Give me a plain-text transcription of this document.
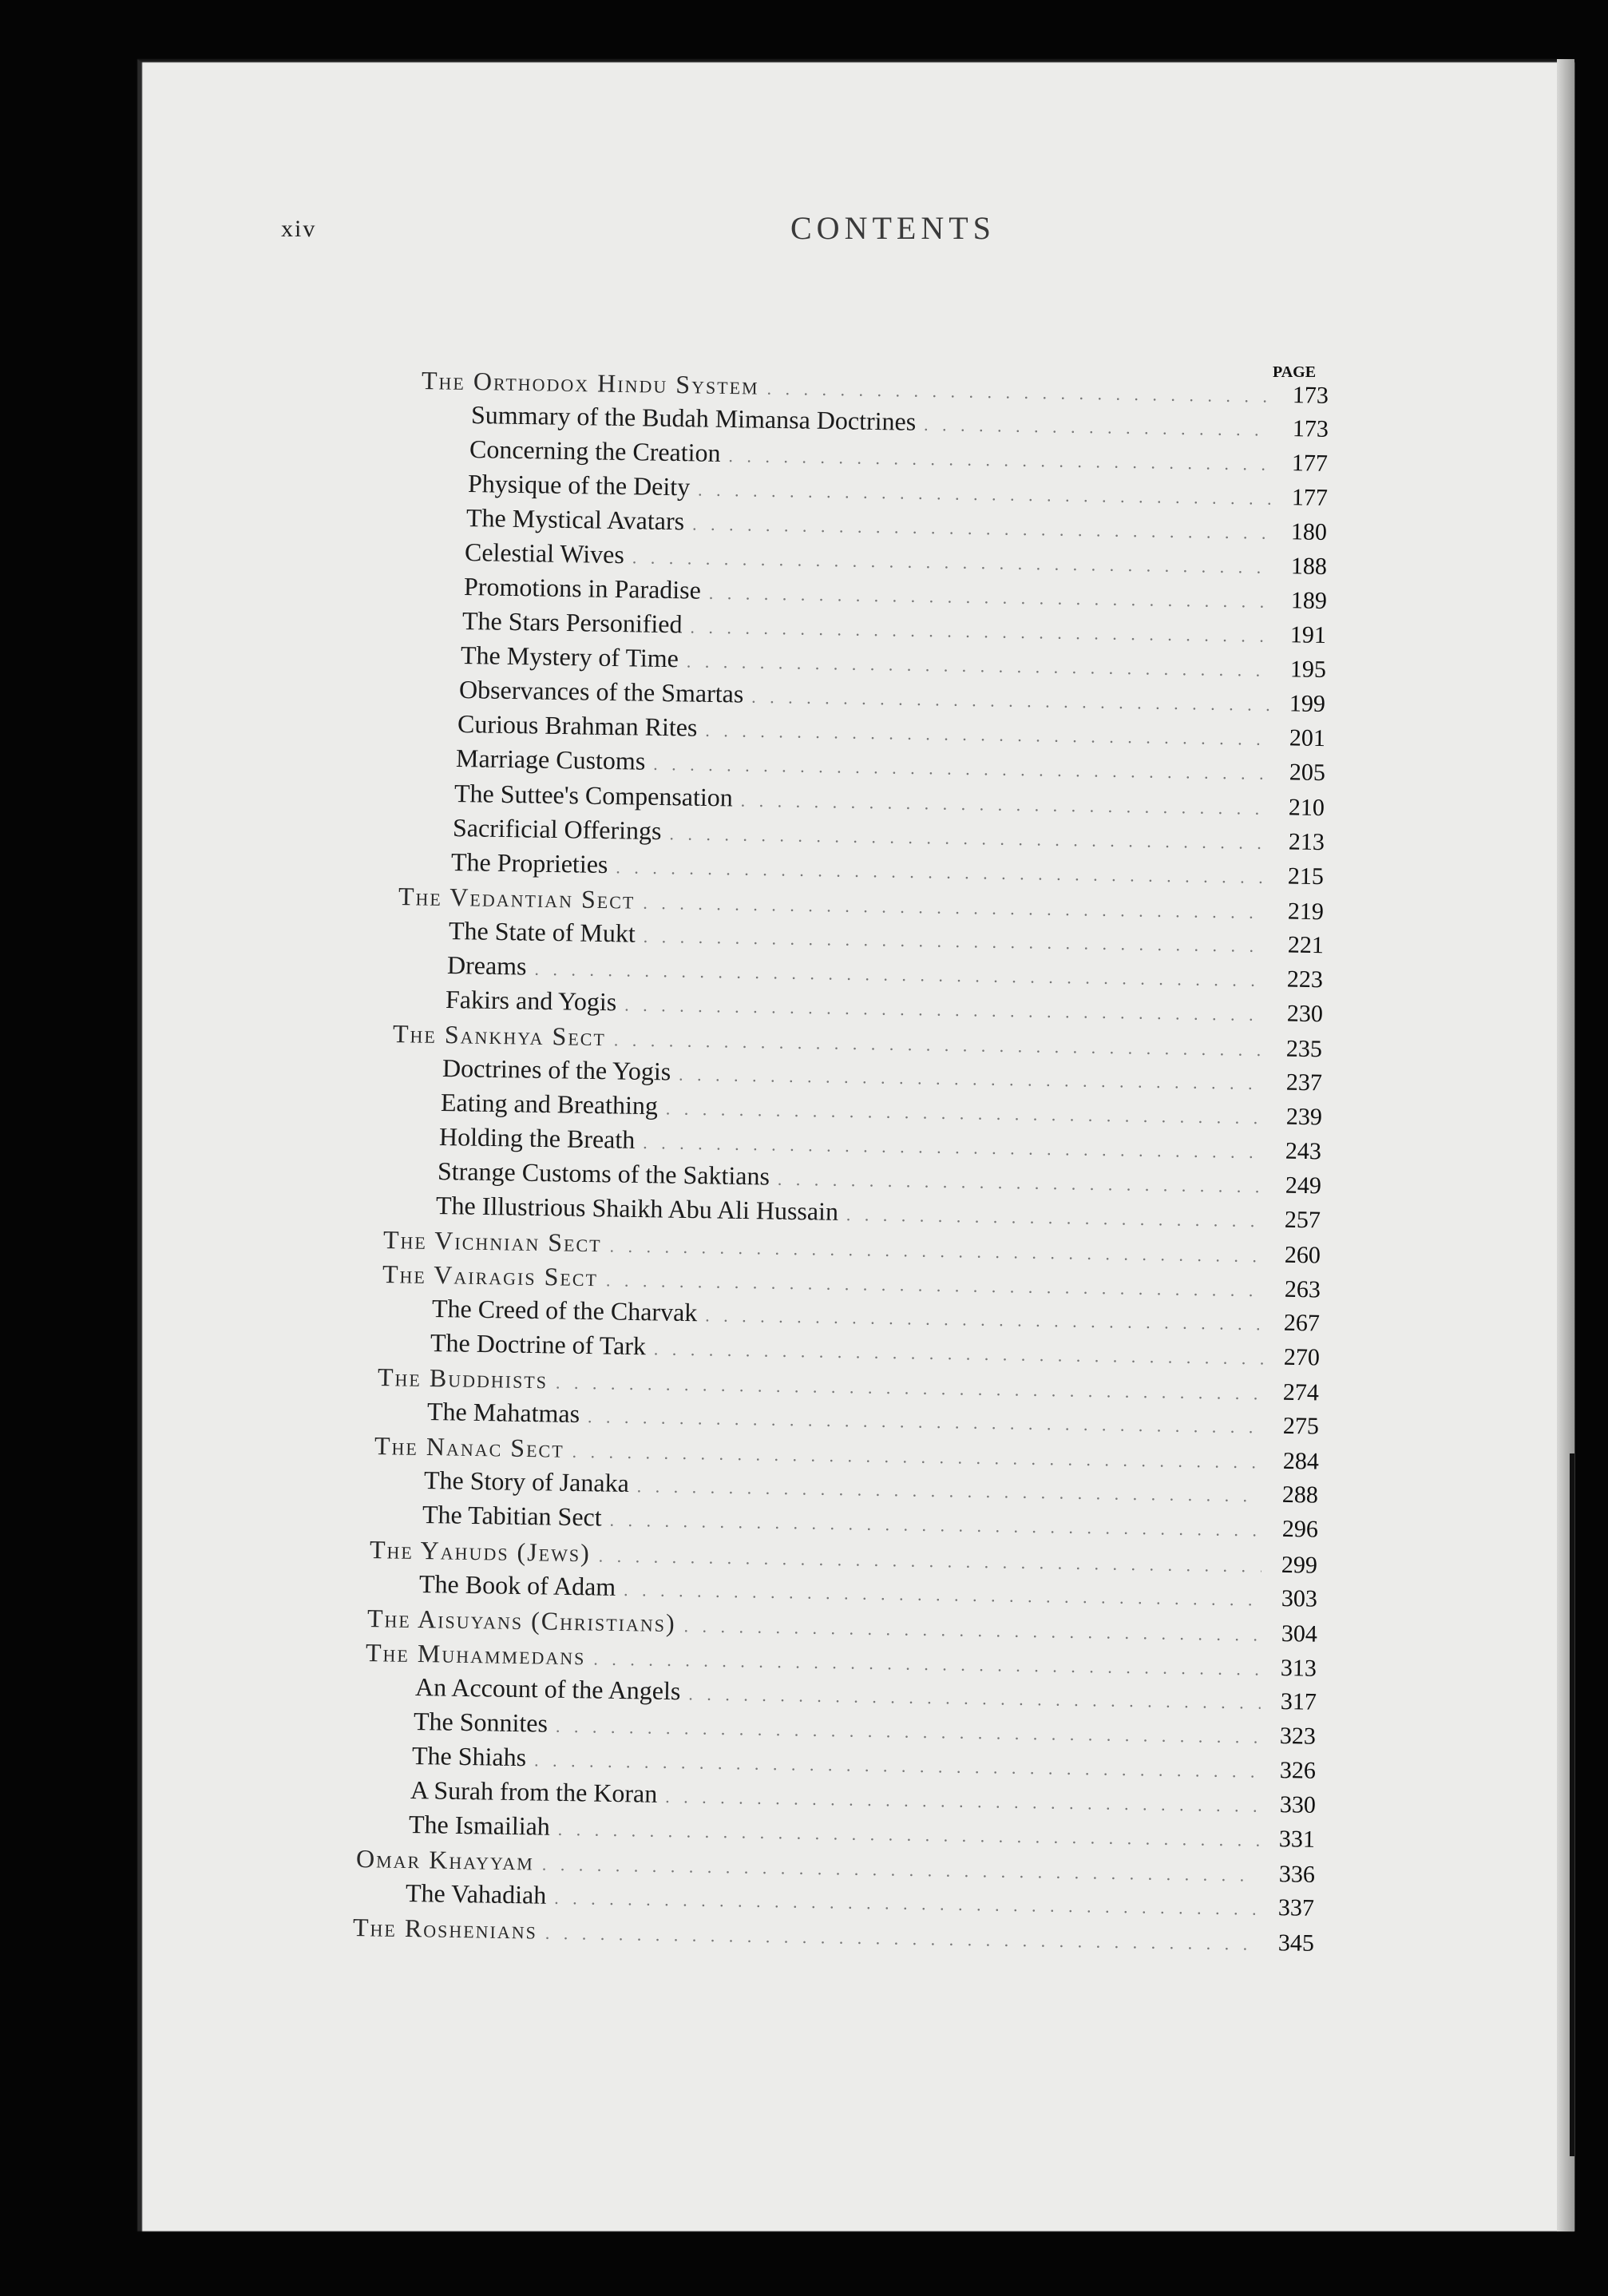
xiv	CONTENTS
PAGE
The Orthodox Hindu System . . .	173
Summary of the Budah Mimansa Doctrines . . .	173
Concerning the Creation . . .	177
Physique of the Deity . . .	177
The Mystical Avatars . . .	180
Celestial Wives . . .	188
Promotions in Paradise . . .	189
The Stars Personified . . .	191
The Mystery of Time . . .	195
Observances of the Smartas . . .	199
Curious Brahman Rites . . .	201
Marriage Customs . . .	205
The Suttee's Compensation . . .	210
Sacrificial Offerings . . .	213
The Proprieties . . .	215
The Vedantian Sect . . .	219
The State of Mukt . . .	221
Dreams . . .	223
Fakirs and Yogis . . .	230
The Sankhya Sect . . .	235
Doctrines of the Yogis . . .	237
Eating and Breathing . . .	239
Holding the Breath . . .	243
Strange Customs of the Saktians . . .	249
The Illustrious Shaikh Abu Ali Hussain . . .	257
The Vichnian Sect . . .	260
The Vairagis Sect . . .	263
The Creed of the Charvak . . .	267
The Doctrine of Tark . . .	270
The Buddhists . . .	274
The Mahatmas . . .	275
The Nanac Sect . . .	284
The Story of Janaka . . .	288
The Tabitian Sect . . .	296
The Yahuds (Jews) . . .	299
The Book of Adam . . .	303
The Aisuyans (Christians) . . .	304
The Muhammedans . . .	313
An Account of the Angels . . .	317
The Sonnites . . .	323
The Shiahs . . .	326
A Surah from the Koran . . .	330
The Ismailiah . . .	331
Omar Khayyam . . .	336
The Vahadiah . . .	337
The Roshenians . . .	345
